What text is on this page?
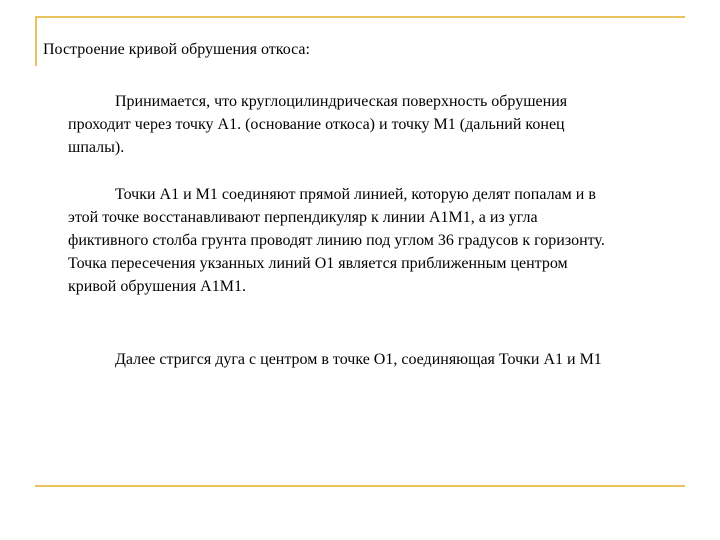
Построение кривой обрушения откоса:
Принимается, что круглоцилиндрическая поверхность обрушения
проходит через точку А1. (основание откоса) и точку М1 (дальний конец
шпалы).
Точки А1 и М1 соединяют прямой линией, которую делят попалам и в
этой точке восстанавливают перпендикуляр к линии А1М1, а из угла
фиктивного столба грунта проводят линию под углом 36 градусов к горизонту.
Точка пересечения укзанных линий О1 является приближенным центром
кривой обрушения А1М1.
Далее стригся дуга с центром в точке О1, соединяющая Точки А1 и М1
